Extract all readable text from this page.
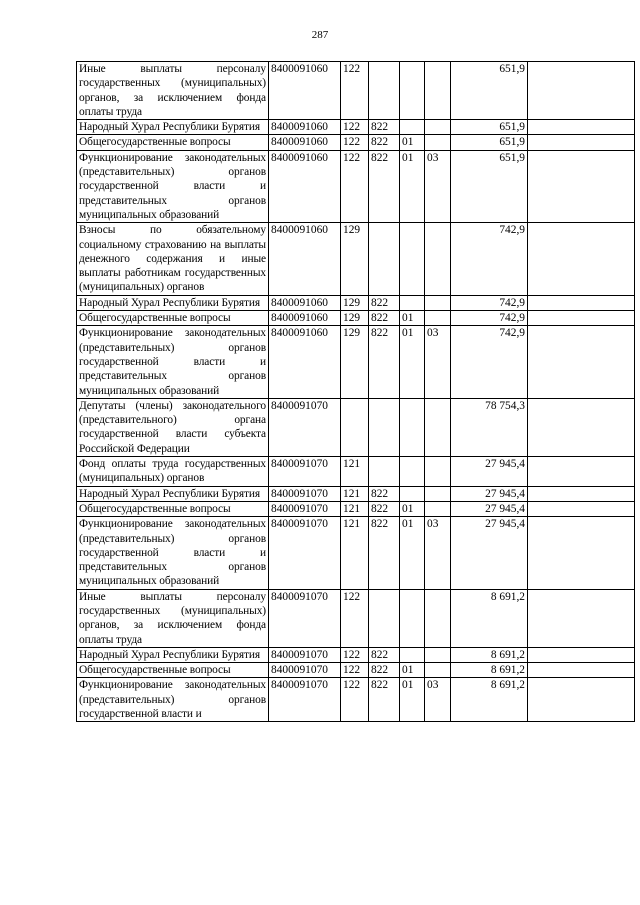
287
Иные выплаты персоналу государственных (муниципальных) органов, за исключением фонда оплаты труда	8400091060	122				651,9	
Народный Хурал Республики Бурятия	8400091060	122	822			651,9	
Общегосударственные вопросы	8400091060	122	822	01		651,9	
Функционирование законодательных (представительных) органов государственной власти и представительных органов муниципальных образований	8400091060	122	822	01	03	651,9	
Взносы по обязательному социальному страхованию на выплаты денежного содержания и иные выплаты работникам государственных (муниципальных) органов	8400091060	129				742,9	
Народный Хурал Республики Бурятия	8400091060	129	822			742,9	
Общегосударственные вопросы	8400091060	129	822	01		742,9	
Функционирование законодательных (представительных) органов государственной власти и представительных органов муниципальных образований	8400091060	129	822	01	03	742,9	
Депутаты (члены) законодательного (представительного) органа государственной власти субъекта Российской Федерации	8400091070					78 754,3	
Фонд оплаты труда государственных (муниципальных) органов	8400091070	121				27 945,4	
Народный Хурал Республики Бурятия	8400091070	121	822			27 945,4	
Общегосударственные вопросы	8400091070	121	822	01		27 945,4	
Функционирование законодательных (представительных) органов государственной власти и представительных органов муниципальных образований	8400091070	121	822	01	03	27 945,4	
Иные выплаты персоналу государственных (муниципальных) органов, за исключением фонда оплаты труда	8400091070	122				8 691,2	
Народный Хурал Республики Бурятия	8400091070	122	822			8 691,2	
Общегосударственные вопросы	8400091070	122	822	01		8 691,2	
Функционирование законодательных (представительных) органов государственной власти и	8400091070	122	822	01	03	8 691,2	
